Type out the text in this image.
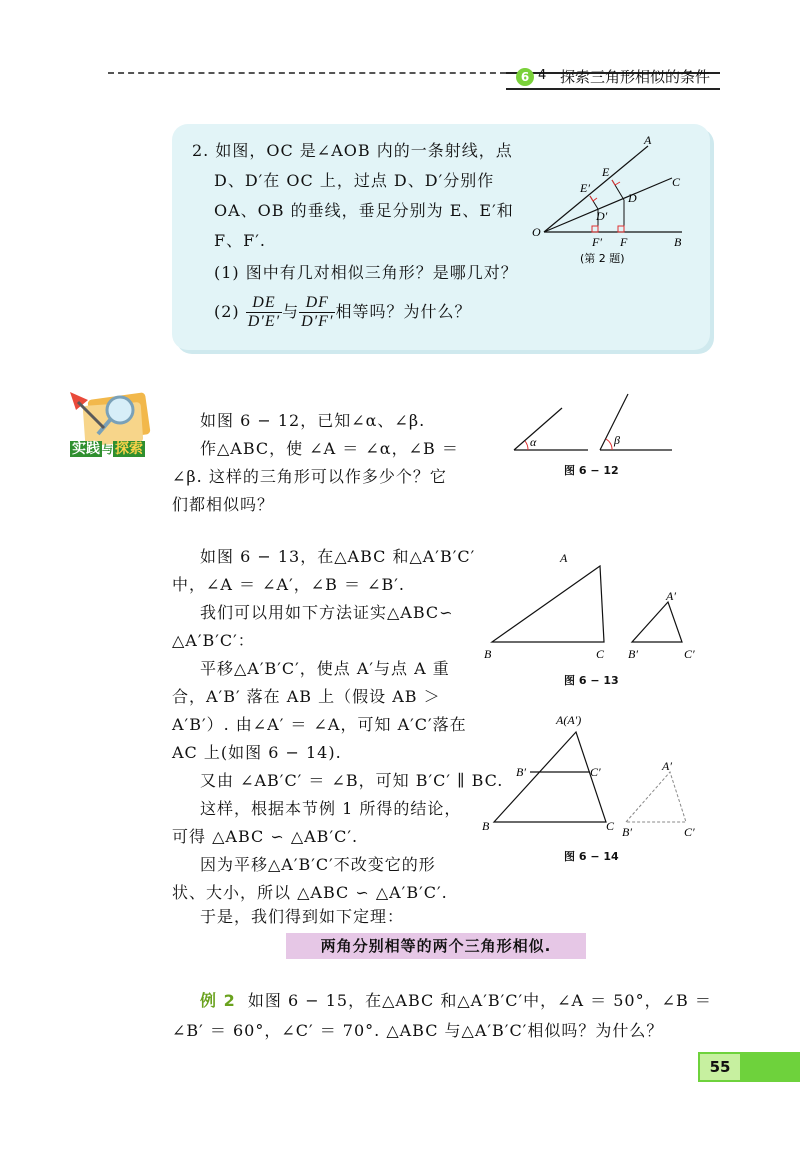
6 4 探索三角形相似的条件
2. 如图，OC 是∠AOB 内的一条射线，点
D、D′在 OC 上，过点 D、D′分别作
OA、OB 的垂线，垂足分别为 E、E′和
F、F′.
(1) 图中有几对相似三角形？是哪几对？
$(2) \frac{DE}{D'E'}$ 与 $\frac{DF}{D'F'}$ 相等吗？为什么？
A
E
C
E′
D
D′
O
F′ F	B
(第 2 题)
实践 与 探索
如图 6 − 12，已知∠α、∠β.
作△ABC，使 ∠A ＝ ∠α，∠B ＝
∠β. 这样的三角形可以作多少个？它
们都相似吗？
α	β
图 6 − 12
如图 6 − 13，在△ABC 和△A′B′C′
中，∠A ＝ ∠A′，∠B ＝ ∠B′.
我们可以用如下方法证实△ABC∽
△A′B′C′：
平移△A′B′C′，使点 A′与点 A 重
合，A′B′ 落在 AB 上（假设 AB ＞
A′B′）. 由∠A′ ＝ ∠A，可知 A′C′落在
AC 上(如图 6 − 14).
又由 ∠AB′C′ ＝ ∠B，可知 B′C′ ∥ BC.
这样，根据本节例 1 所得的结论，
可得 △ABC ∽ △AB′C′.
因为平移△A′B′C′不改变它的形
状、大小，所以 △ABC ∽ △A′B′C′.
A
B	C
A′
B′	C′
图 6 − 13
A(A′)
B′	C′
B	C
A′
B′	C′
图 6 − 14
于是，我们得到如下定理：
两角分别相等的两个三角形相似.
例 2 如图 6 − 15，在△ABC 和△A′B′C′中，∠A ＝ 50°，∠B ＝
∠B′ ＝ 60°，∠C′ ＝ 70°. △ABC 与△A′B′C′相似吗？为什么？
55
